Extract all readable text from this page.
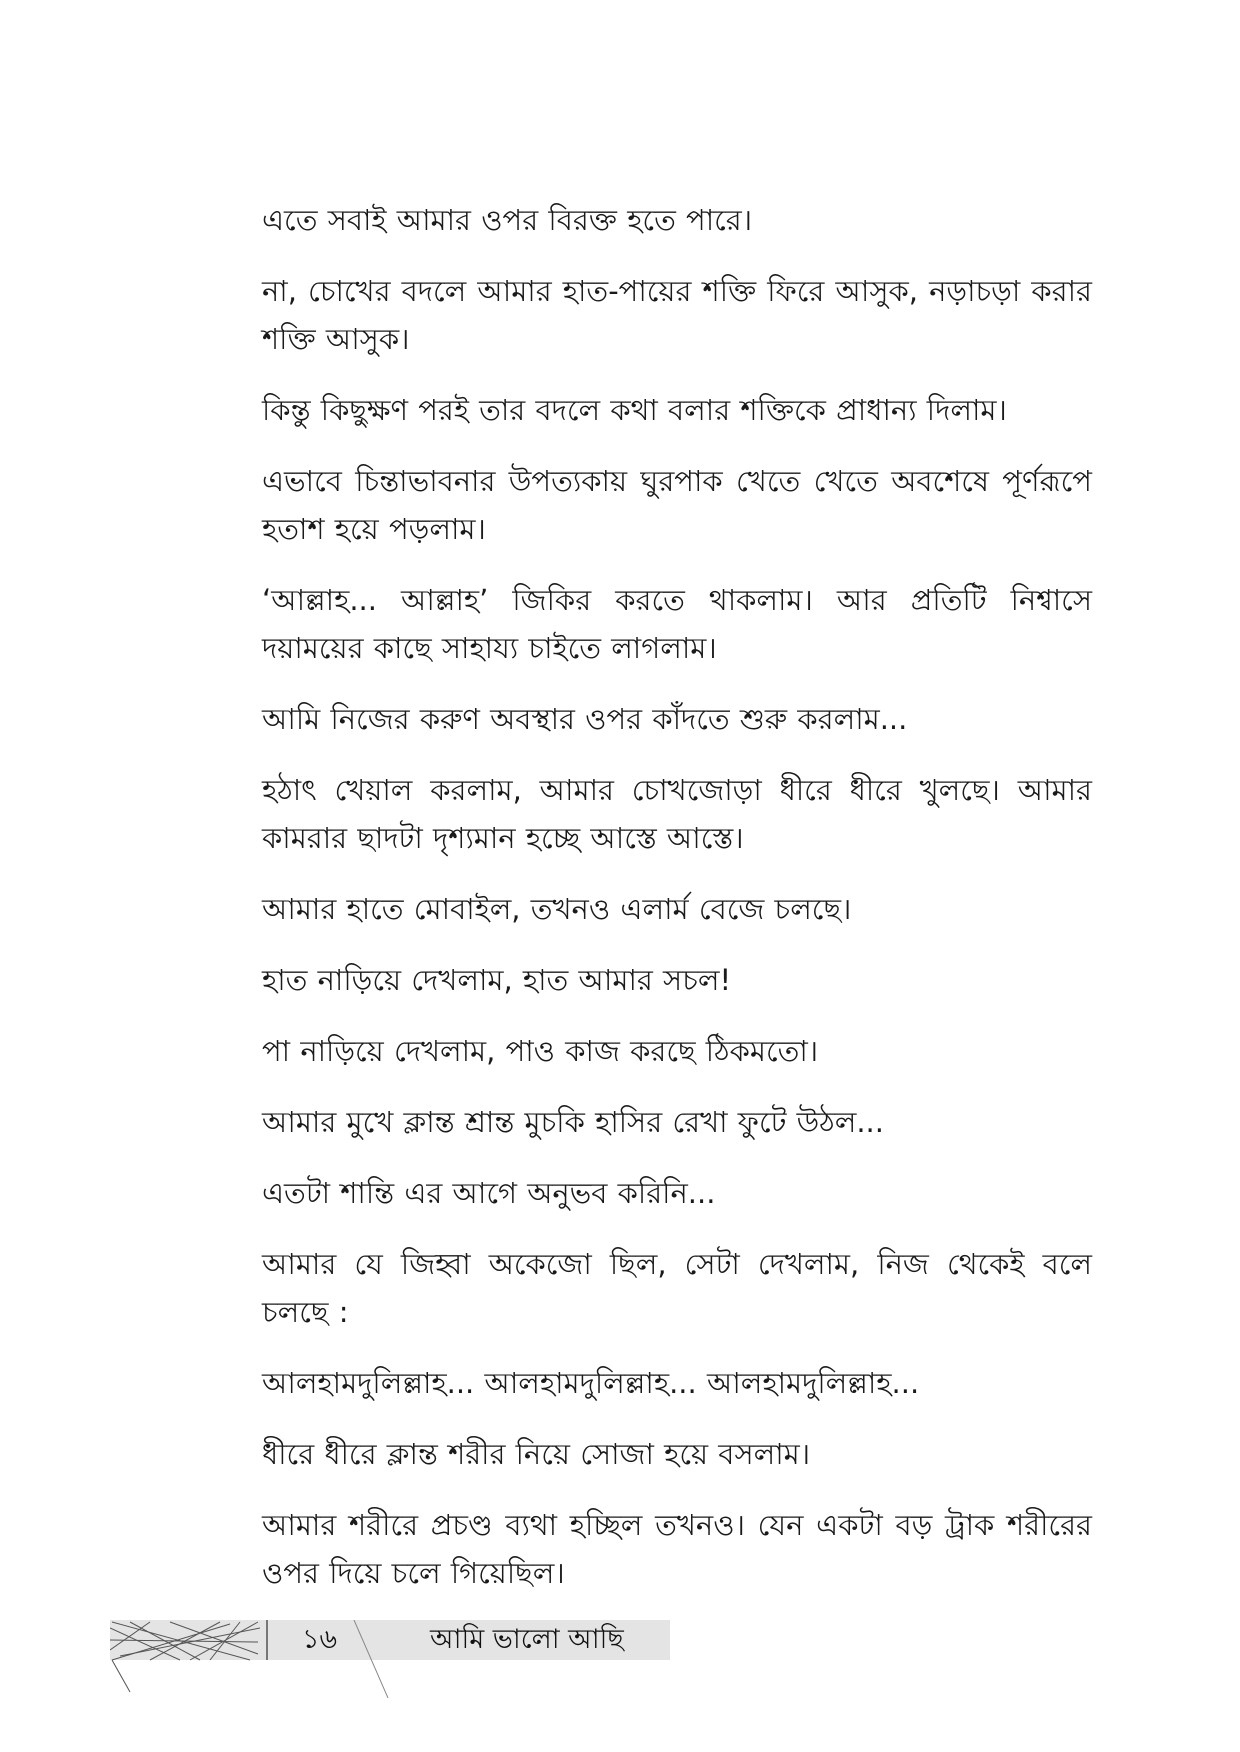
এতে সবাই আমার ওপর বিরক্ত হতে পারে।

না, চোখের বদলে আমার হাত-পায়ের শক্তি ফিরে আসুক, নড়াচড়া করার শক্তি আসুক।

কিন্তু কিছুক্ষণ পরই তার বদলে কথা বলার শক্তিকে প্রাধান্য দিলাম।

এভাবে চিন্তাভাবনার উপত্যকায় ঘুরপাক খেতে খেতে অবশেষে পূর্ণরূপে হতাশ হয়ে পড়লাম।

‘আল্লাহ... আল্লাহ’ জিকির করতে থাকলাম। আর প্রতিটি নিশ্বাসে দয়াময়ের কাছে সাহায্য চাইতে লাগলাম।

আমি নিজের করুণ অবস্থার ওপর কাঁদতে শুরু করলাম...

হঠাৎ খেয়াল করলাম, আমার চোখজোড়া ধীরে ধীরে খুলছে। আমার কামরার ছাদটা দৃশ্যমান হচ্ছে আস্তে আস্তে।

আমার হাতে মোবাইল, তখনও এলার্ম বেজে চলছে।

হাত নাড়িয়ে দেখলাম, হাত আমার সচল!

পা নাড়িয়ে দেখলাম, পাও কাজ করছে ঠিকমতো।

আমার মুখে ক্লান্ত শ্রান্ত মুচকি হাসির রেখা ফুটে উঠল...

এতটা শান্তি এর আগে অনুভব করিনি...

আমার যে জিহ্বা অকেজো ছিল, সেটা দেখলাম, নিজ থেকেই বলে চলছে :

আলহামদুলিল্লাহ... আলহামদুলিল্লাহ... আলহামদুলিল্লাহ...

ধীরে ধীরে ক্লান্ত শরীর নিয়ে সোজা হয়ে বসলাম।

আমার শরীরে প্রচণ্ড ব্যথা হচ্ছিল তখনও। যেন একটা বড় ট্রাক শরীরের ওপর দিয়ে চলে গিয়েছিল।

১৬	আমি ভালো আছি
